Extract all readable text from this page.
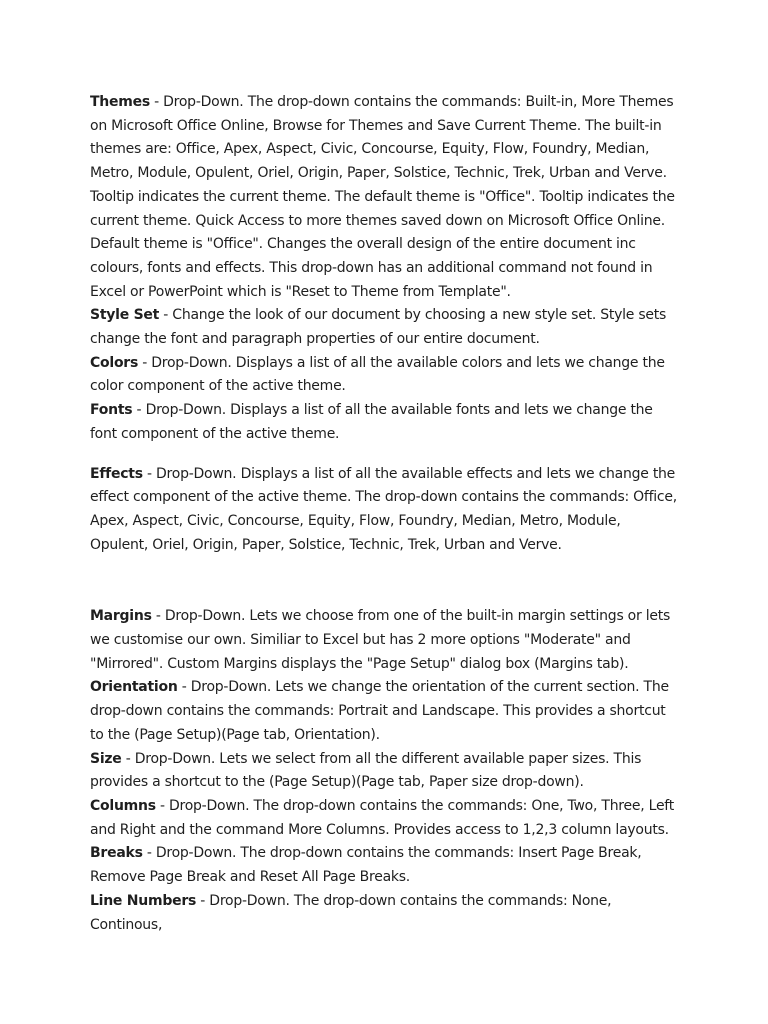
Themes - Drop-Down. The drop-down contains the commands: Built-in, More Themes on Microsoft Office Online, Browse for Themes and Save Current Theme. The built-in themes are: Office, Apex, Aspect, Civic, Concourse, Equity, Flow, Foundry, Median, Metro, Module, Opulent, Oriel, Origin, Paper, Solstice, Technic, Trek, Urban and Verve. Tooltip indicates the current theme. The default theme is "Office". Tooltip indicates the current theme. Quick Access to more themes saved down on Microsoft Office Online. Default theme is "Office". Changes the overall design of the entire document inc colours, fonts and effects. This drop-down has an additional command not found in Excel or PowerPoint which is "Reset to Theme from Template".

Style Set - Change the look of our document by choosing a new style set. Style sets change the font and paragraph properties of our entire document.

Colors - Drop-Down. Displays a list of all the available colors and lets we change the color component of the active theme.

Fonts - Drop-Down. Displays a list of all the available fonts and lets we change the font component of the active theme.

Effects - Drop-Down. Displays a list of all the available effects and lets we change the effect component of the active theme. The drop-down contains the commands: Office, Apex, Aspect, Civic, Concourse, Equity, Flow, Foundry, Median, Metro, Module, Opulent, Oriel, Origin, Paper, Solstice, Technic, Trek, Urban and Verve.

Margins - Drop-Down. Lets we choose from one of the built-in margin settings or lets we customise our own. Similiar to Excel but has 2 more options "Moderate" and "Mirrored". Custom Margins displays the "Page Setup" dialog box (Margins tab).

Orientation - Drop-Down. Lets we change the orientation of the current section. The drop-down contains the commands: Portrait and Landscape. This provides a shortcut to the (Page Setup)(Page tab, Orientation).

Size - Drop-Down. Lets we select from all the different available paper sizes. This provides a shortcut to the (Page Setup)(Page tab, Paper size drop-down).

Columns - Drop-Down. The drop-down contains the commands: One, Two, Three, Left and Right and the command More Columns. Provides access to 1,2,3 column layouts.

Breaks - Drop-Down. The drop-down contains the commands: Insert Page Break, Remove Page Break and Reset All Page Breaks.

Line Numbers - Drop-Down. The drop-down contains the commands: None, Continous,
